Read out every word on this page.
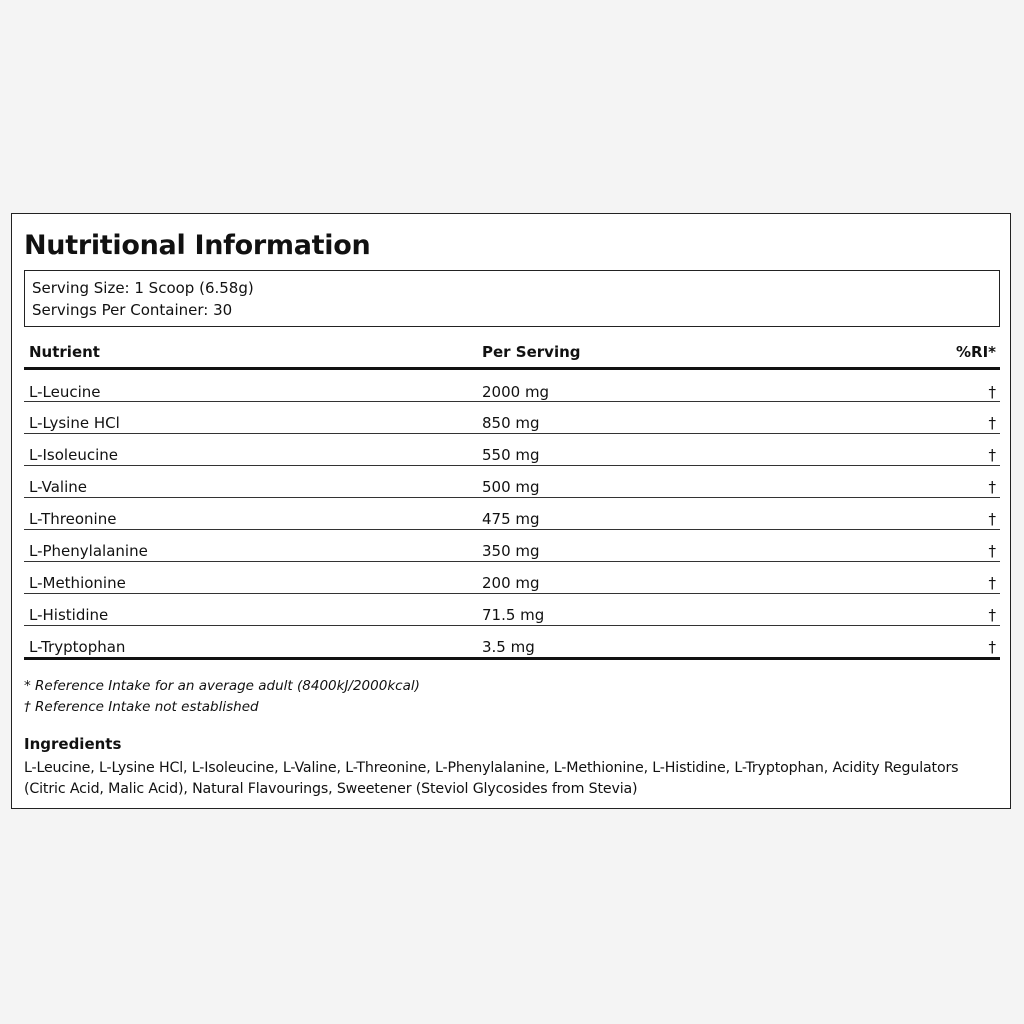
Nutritional Information
Serving Size: 1 Scoop (6.58g)
Servings Per Container: 30
Nutrient	Per Serving	%RI*
L-Leucine	2000 mg	†
L-Lysine HCl	850 mg	†
L-Isoleucine	550 mg	†
L-Valine	500 mg	†
L-Threonine	475 mg	†
L-Phenylalanine	350 mg	†
L-Methionine	200 mg	†
L-Histidine	71.5 mg	†
L-Tryptophan	3.5 mg	†
* Reference Intake for an average adult (8400kJ/2000kcal)
† Reference Intake not established
Ingredients
L-Leucine, L-Lysine HCl, L-Isoleucine, L-Valine, L-Threonine, L-Phenylalanine, L-Methionine, L-Histidine, L-Tryptophan, Acidity Regulators (Citric Acid, Malic Acid), Natural Flavourings, Sweetener (Steviol Glycosides from Stevia)
